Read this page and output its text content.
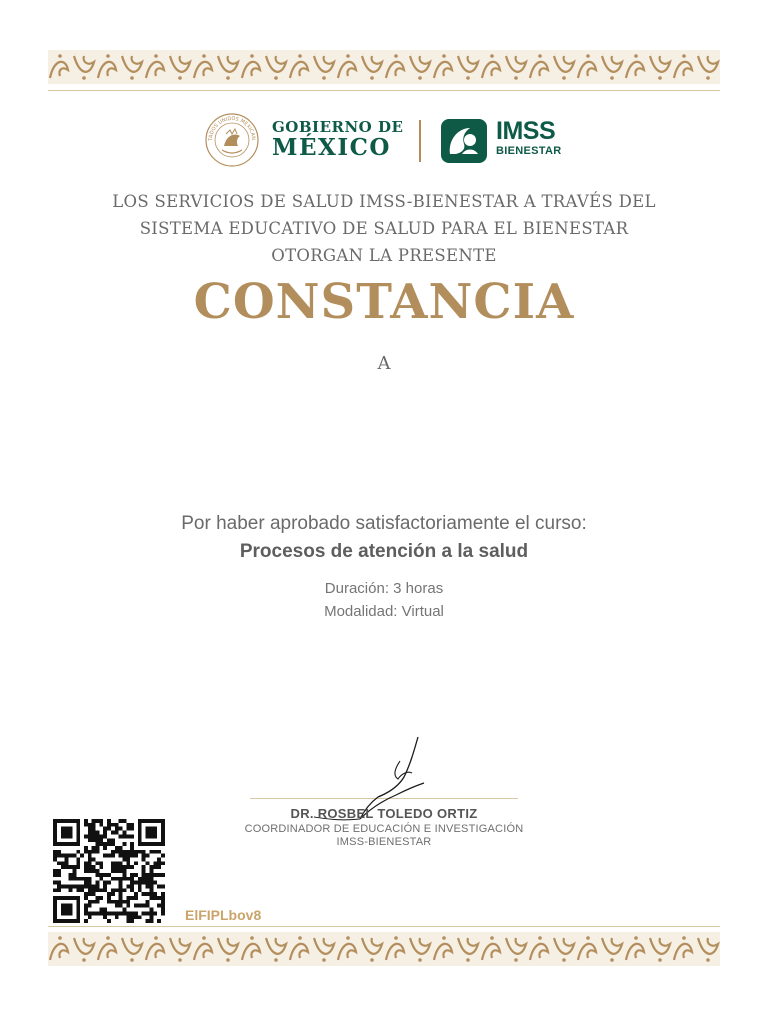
TADOS UNIDOS MEXICAN
GOBIERNO DE
MÉXICO
IMSS
BIENESTAR
LOS SERVICIOS DE SALUD IMSS-BIENESTAR A TRAVÉS DEL
SISTEMA EDUCATIVO DE SALUD PARA EL BIENESTAR
OTORGAN LA PRESENTE
CONSTANCIA
A
Por haber aprobado satisfactoriamente el curso:
Procesos de atención a la salud
Duración: 3 horas
Modalidad: Virtual
DR. ROSBEL TOLEDO ORTIZ
COORDINADOR DE EDUCACIÓN E INVESTIGACIÓN
IMSS-BIENESTAR
ElFIPLbov8
